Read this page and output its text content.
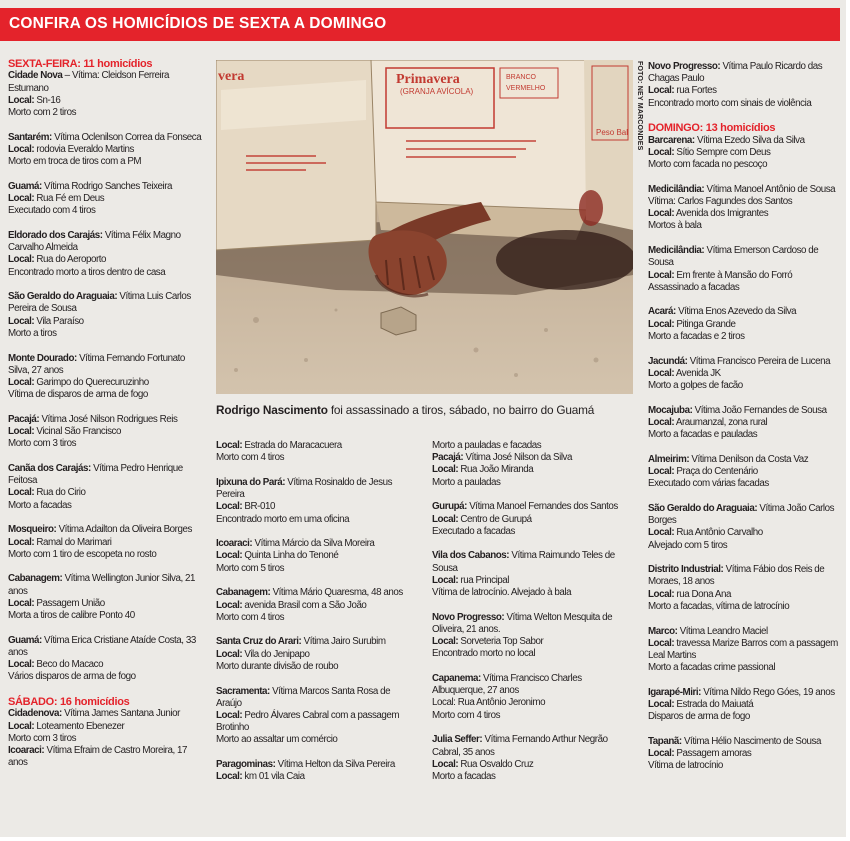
CONFIRA OS HOMICÍDIOS DE SEXTA A DOMINGO

SEXTA-FEIRA: 11 homicídios

Cidade Nova – Vítima: Cleidson Ferreira Estumano

Local: Sn-16

Morto com 2 tiros

Santarém: Vítima Oclenilson Correa da Fonseca

Local: rodovia Everaldo Martins

Morto em troca de tiros com a PM

Guamá: Vítima Rodrigo Sanches Teixeira

Local: Rua Fé em Deus

Executado com 4 tiros

Eldorado dos Carajás: Vítima Félix Magno Carvalho Almeida

Local: Rua do Aeroporto

Encontrado morto a tiros dentro de casa

São Geraldo do Araguaia: Vítima Luis Carlos Pereira de Sousa

Local: Vila Paraíso

Morto a tiros

Monte Dourado: Vítima Fernando Fortunato Silva, 27 anos

Local: Garimpo do Querecuruzinho

Vítima de disparos de arma de fogo

Pacajá: Vítima José Nilson Rodrigues Reis

Local: Vicinal São Francisco

Morto com 3 tiros

Canãa dos Carajás: Vítima Pedro Henrique Feitosa

Local: Rua do Cirio

Morto a facadas

Mosqueiro: Vítima Adailton da Oliveira Borges

Local: Ramal do Marimari

Morto com 1 tiro de escopeta no rosto

Cabanagem: Vítima Wellington Junior Silva, 21 anos

Local: Passagem União

Morta a tiros de calibre Ponto 40

Guamá: Vítima Erica Cristiane Ataíde Costa, 33 anos

Local: Beco do Macaco

Vários disparos de arma de fogo

SÁBADO: 16 homicídios

Cidadenova: Vítima James Santana Junior

Local: Loteamento Ebenezer

Morto com 3 tiros

Icoaraci: Vítima Efraim de Castro Moreira, 17 anos

Primavera
(GRANJA AVÍCOLA)
BRANCO
VERMELHO
vera
Peso Bal	FOTO: NEY MARCONDES
Rodrigo Nascimento foi assassinado a tiros, sábado, no bairro do Guamá

Local: Estrada do Maracacuera

Morto com 4 tiros

Ipixuna do Pará: Vítima Rosinaldo de Jesus Pereira

Local: BR-010

Encontrado morto em uma oficina

Icoaraci: Vítima Márcio da Silva Moreira

Local: Quinta Linha do Tenoné

Morto com 5 tiros

Cabanagem: Vítima Mário Quaresma, 48 anos

Local: avenida Brasil com a São João

Morto com 4 tiros

Santa Cruz do Arari: Vítima Jairo Surubim

Local: Vila do Jenipapo

Morto durante divisão de roubo

Sacramenta: Vítima Marcos Santa Rosa de Araújo

Local: Pedro Álvares Cabral com a passagem Brotinho

Morto ao assaltar um comércio

Paragominas: Vítima Helton da Silva Pereira

Local: km 01 vila Caia

Morto a pauladas e facadas

Pacajá: Vítima José Nilson da Silva

Local: Rua João Miranda

Morto a pauladas

Gurupá: Vítima Manoel Fernandes dos Santos

Local: Centro de Gurupá

Executado a facadas

Vila dos Cabanos: Vítima Raimundo Teles de Sousa

Local: rua Principal

Vítima de latrocínio. Alvejado à bala

Novo Progresso: Vítima Welton Mesquita de Oliveira, 21 anos.

Local: Sorveteria Top Sabor

Encontrado morto no local

Capanema: Vítima Francisco Charles Albuquerque, 27 anos

Local: Rua Antônio Jeronimo

Morto com 4 tiros

Julia Seffer: Vítima Fernando Arthur Negrão Cabral, 35 anos

Local: Rua Osvaldo Cruz

Morto a facadas

Novo Progresso: Vítima Paulo Ricardo das Chagas Paulo

Local: rua Fortes

Encontrado morto com sinais de violência

DOMINGO: 13 homicídios

Barcarena: Vítima Ezedo Silva da Silva

Local: Sítio Sempre com Deus

Morto com facada no pescoço

Medicilândia: Vítima Manoel Antônio de Sousa

Vítima: Carlos Fagundes dos Santos

Local: Avenida dos Imigrantes

Mortos à bala

Medicilândia: Vítima Emerson Cardoso de Sousa

Local: Em frente à Mansão do Forró

Assassinado a facadas

Acará: Vítima Enos Azevedo da Silva

Local: Pitinga Grande

Morto a facadas e 2 tiros

Jacundá: Vítima Francisco Pereira de Lucena

Local: Avenida JK

Morto a golpes de facão

Mocajuba: Vítima João Fernandes de Sousa

Local: Araumanzal, zona rural

Morto a facadas e pauladas

Almeirim: Vítima Denilson da Costa Vaz

Local: Praça do Centenário

Executado com várias facadas

São Geraldo do Araguaia: Vítima João Carlos Borges

Local: Rua Antônio Carvalho

Alvejado com 5 tiros

Distrito Industrial: Vítima Fábio dos Reis de Moraes, 18 anos

Local: rua Dona Ana

Morto a facadas, vítima de latrocínio

Marco: Vítima Leandro Maciel

Local: travessa Marize Barros com a passagem Leal Martins

Morto a facadas crime passional

Igarapé-Miri: Vítima Nildo Rego Góes, 19 anos

Local: Estrada do Maiuatá

Disparos de arma de fogo

Tapanã: Vítima Hélio Nascimento de Sousa

Local: Passagem amoras

Vítima de latrocínio
